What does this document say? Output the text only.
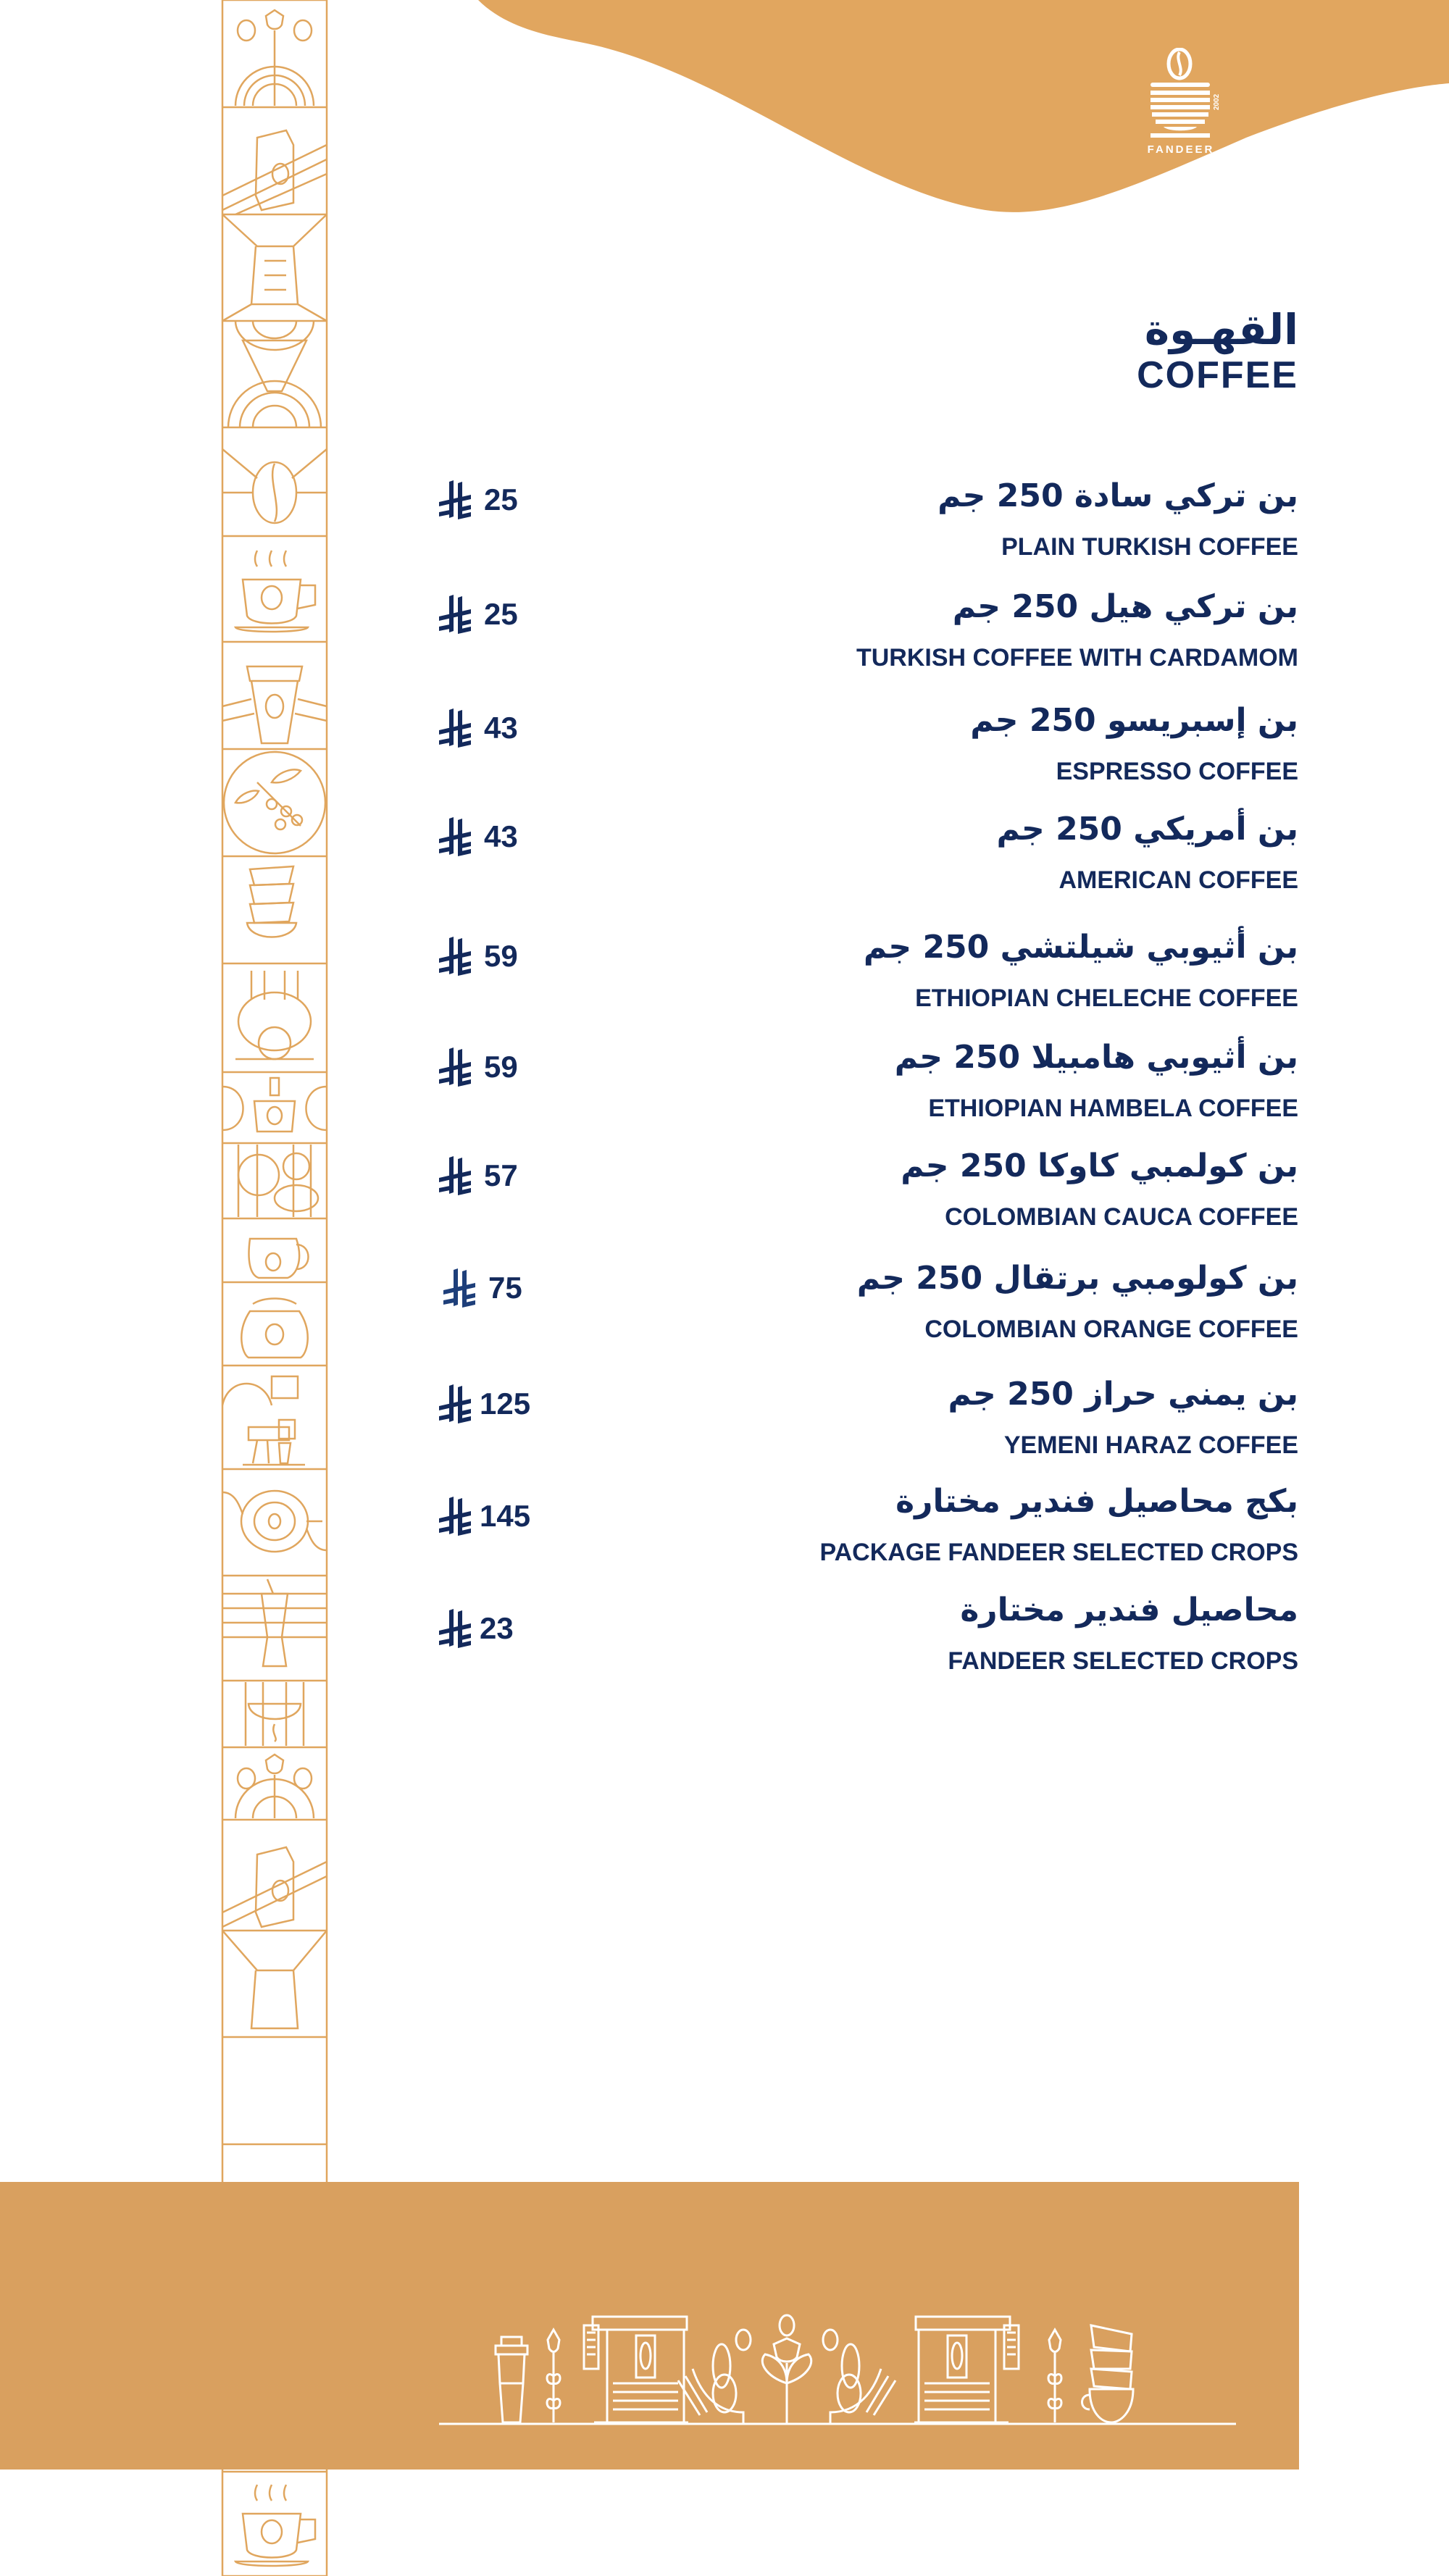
2002
FANDEER
القهـوة
COFFEE
بن تركي سادة 250 جم
PLAIN TURKISH COFFEE
25
بن تركي هيل 250 جم
TURKISH COFFEE WITH CARDAMOM
25
بن إسبريسو 250 جم
ESPRESSO COFFEE
43
بن أمريكي 250 جم
AMERICAN COFFEE
43
بن أثيوبي شيلتشي 250 جم
ETHIOPIAN CHELECHE COFFEE
59
بن أثيوبي هامبيلا 250 جم
ETHIOPIAN HAMBELA COFFEE
59
بن كولمبي كاوكا 250 جم
COLOMBIAN CAUCA COFFEE
57
بن كولومبي برتقال 250 جم
COLOMBIAN ORANGE COFFEE
75
بن يمني حراز 250 جم
YEMENI HARAZ COFFEE
125
بكج محاصيل فندير مختارة
PACKAGE FANDEER SELECTED CROPS
145
محاصيل فندير مختارة
FANDEER SELECTED CROPS
23
